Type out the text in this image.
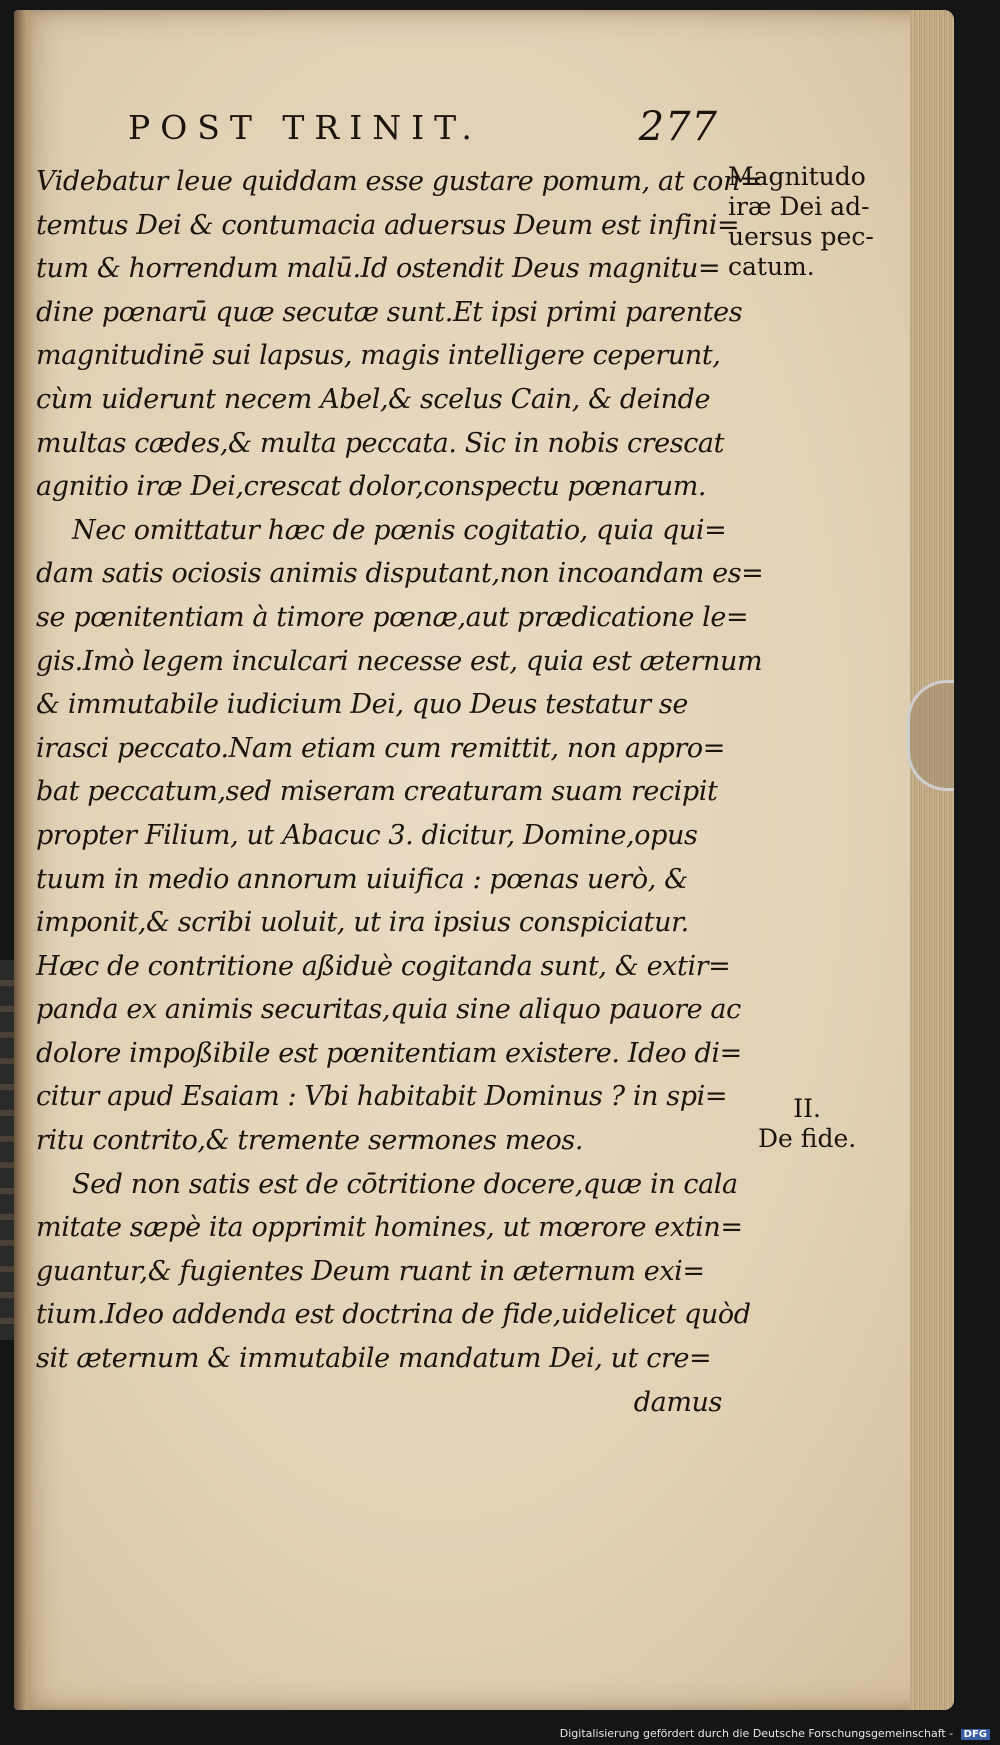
POST TRINIT.	277
Videbatur leue quiddam esse gustare pomum, at con=
temtus Dei & contumacia aduersus Deum est infini=
tum & horrendum malū.Id ostendit Deus magnitu=
dine pœnarū quæ secutæ sunt.Et ipsi primi parentes
magnitudinē sui lapsus, magis intelligere ceperunt,
cùm uiderunt necem Abel,& scelus Cain, & deinde
multas cædes,& multa peccata. Sic in nobis crescat
agnitio iræ Dei,crescat dolor,conspectu pœnarum.
Nec omittatur hæc de pœnis cogitatio, quia qui=
dam satis ociosis animis disputant,non incoandam es=
se pœnitentiam à timore pœnæ,aut prædicatione le=
gis.Imò legem inculcari necesse est, quia est æternum
& immutabile iudicium Dei, quo Deus testatur se
irasci peccato.Nam etiam cum remittit, non appro=
bat peccatum,sed miseram creaturam suam recipit
propter Filium, ut Abacuc 3. dicitur, Domine,opus
tuum in medio annorum uiuifica : pœnas uerò, &
imponit,& scribi uoluit, ut ira ipsius conspiciatur.
Hæc de contritione aßiduè cogitanda sunt, & extir=
panda ex animis securitas,quia sine aliquo pauore ac
dolore impoßibile est pœnitentiam existere. Ideo di=
citur apud Esaiam : Vbi habitabit Dominus ? in spi=
ritu contrito,& tremente sermones meos.
Sed non satis est de cōtritione docere,quæ in cala
mitate sæpè ita opprimit homines, ut mœrore extin=
guantur,& fugientes Deum ruant in æternum exi=
tium.Ideo addenda est doctrina de fide,uidelicet quòd
sit æternum & immutabile mandatum Dei, ut cre=
damus
Magnitudo
iræ Dei ad-
uersus pec-
catum.
II.
De fide.
Digitalisierung gefördert durch die Deutsche Forschungsgemeinschaft - DFG
